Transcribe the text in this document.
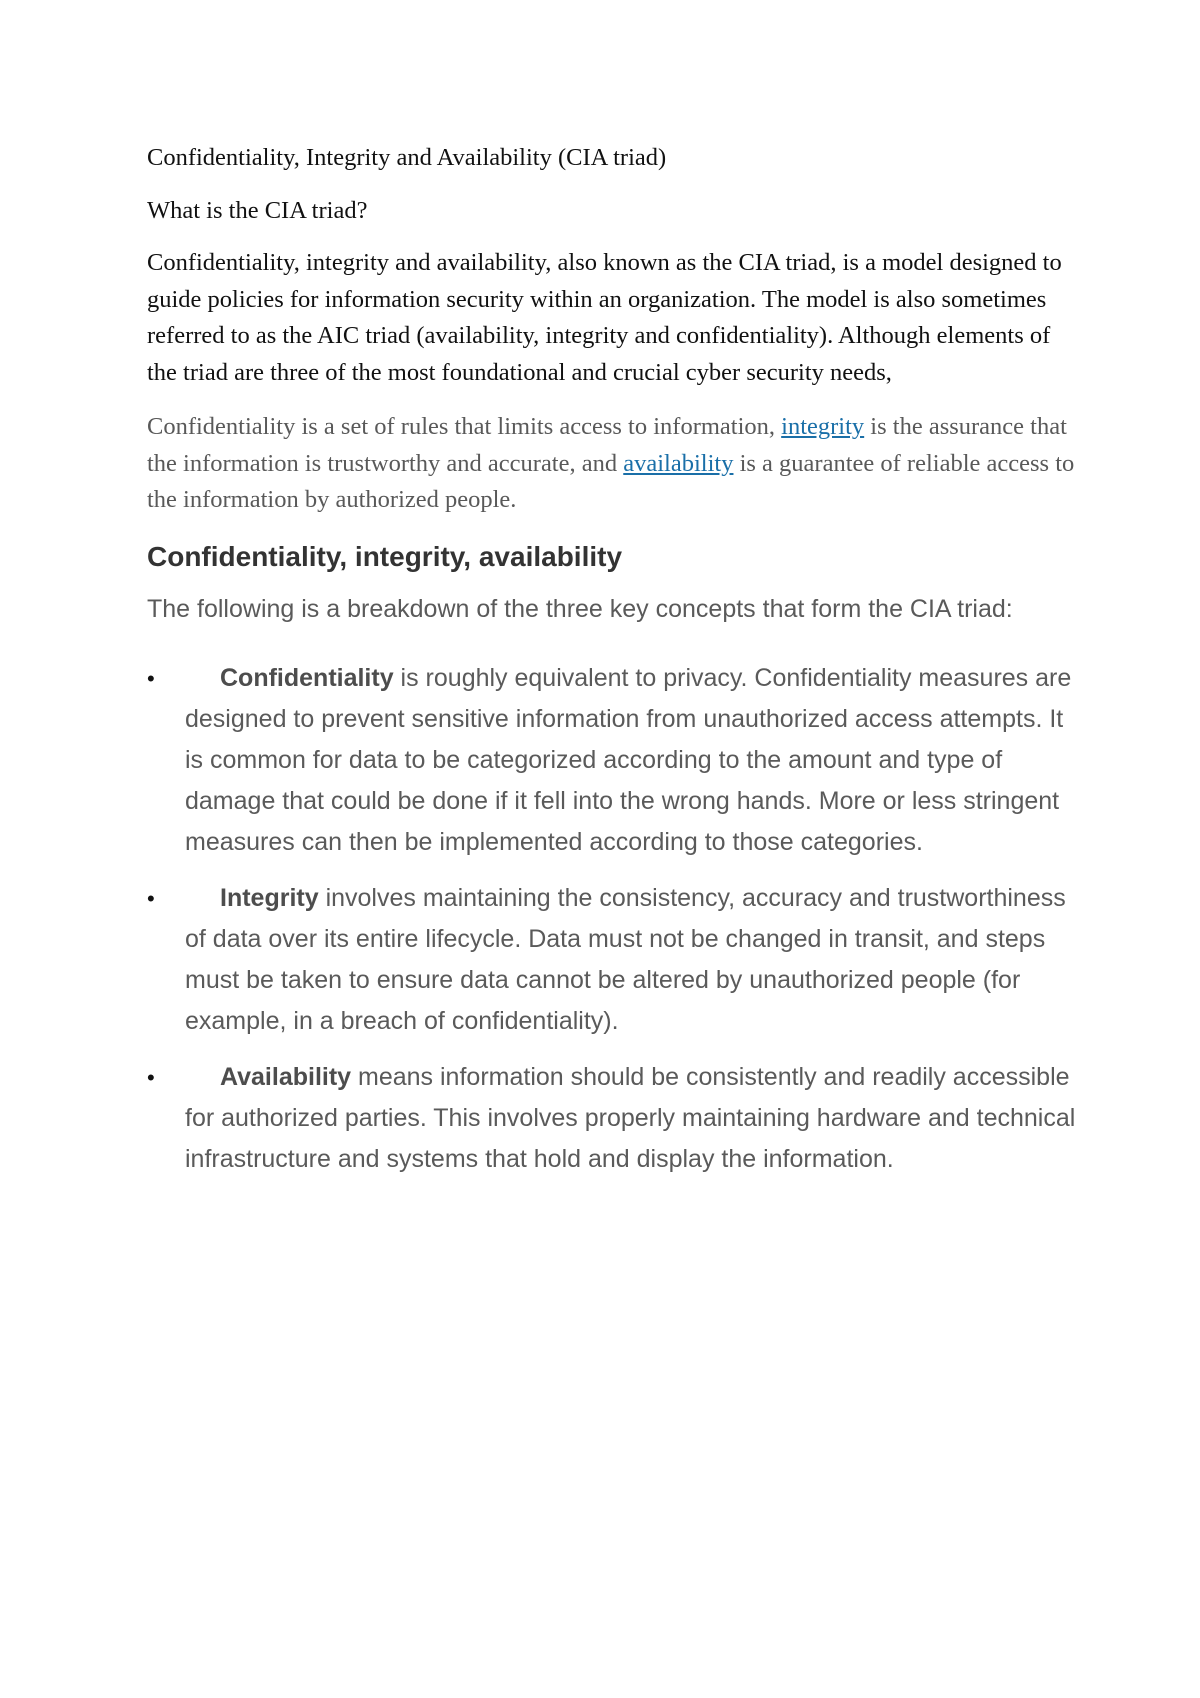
Confidentiality, Integrity and Availability (CIA triad)

What is the CIA triad?

Confidentiality, integrity and availability, also known as the CIA triad, is a model designed to guide policies for information security within an organization. The model is also sometimes referred to as the AIC triad (availability, integrity and confidentiality). Although elements of the triad are three of the most foundational and crucial cyber security needs,

Confidentiality is a set of rules that limits access to information, integrity is the assurance that the information is trustworthy and accurate, and availability is a guarantee of reliable access to the information by authorized people.

Confidentiality, integrity, availability

The following is a breakdown of the three key concepts that form the CIA triad:

•	Confidentiality is roughly equivalent to privacy. Confidentiality measures are designed to prevent sensitive information from unauthorized access attempts. It is common for data to be categorized according to the amount and type of damage that could be done if it fell into the wrong hands. More or less stringent measures can then be implemented according to those categories.
•	Integrity involves maintaining the consistency, accuracy and trustworthiness of data over its entire lifecycle. Data must not be changed in transit, and steps must be taken to ensure data cannot be altered by unauthorized people (for example, in a breach of confidentiality).
•	Availability means information should be consistently and readily accessible for authorized parties. This involves properly maintaining hardware and technical infrastructure and systems that hold and display the information.
